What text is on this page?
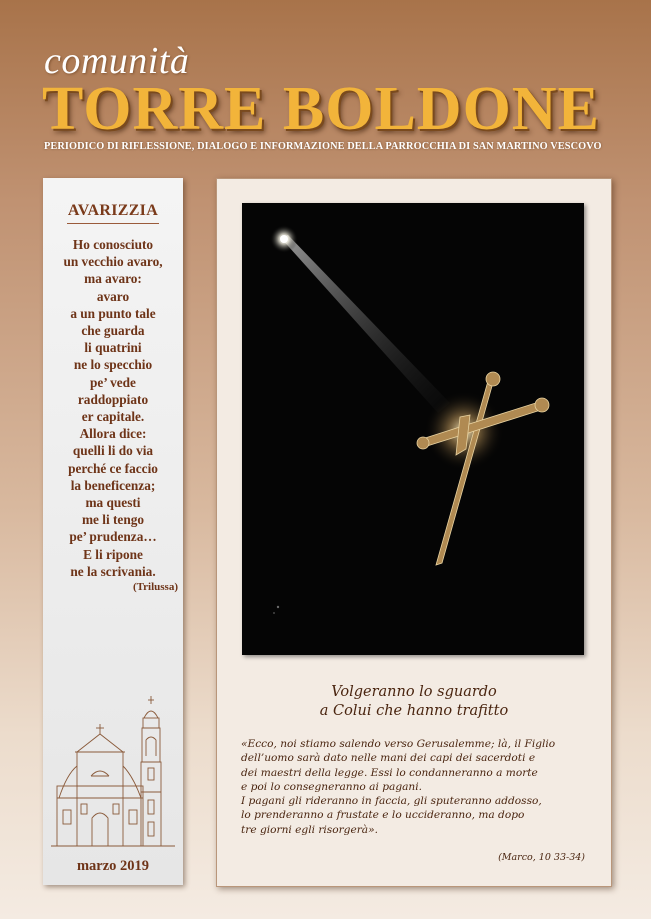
comunità
TORRE BOLDONE
PERIODICO DI RIFLESSIONE, DIALOGO E INFORMAZIONE DELLA PARROCCHIA DI SAN MARTINO VESCOVO
AVARIZZIA
Ho conosciuto
un vecchio avaro,
ma avaro:
avaro
a un punto tale
che guarda
li quatrini
ne lo specchio
pe’ vede
raddoppiato
er capitale.
Allora dice:
quelli li do via
perché ce faccio
la beneficenza;
ma questi
me li tengo
pe’ prudenza…
E li ripone
ne la scrivania.
(Trilussa)
marzo 2019
Volgeranno lo sguardo
a Colui che hanno trafitto
«Ecco, noi stiamo salendo verso Gerusalemme; là, il Figlio
dell’uomo sarà dato nelle mani dei capi dei sacerdoti e
dei maestri della legge. Essi lo condanneranno a morte
e poi lo consegneranno ai pagani.
I pagani gli rideranno in faccia, gli sputeranno addosso,
lo prenderanno a frustate e lo uccideranno, ma dopo
tre giorni egli risorgerà».
(Marco, 10 33-34)
